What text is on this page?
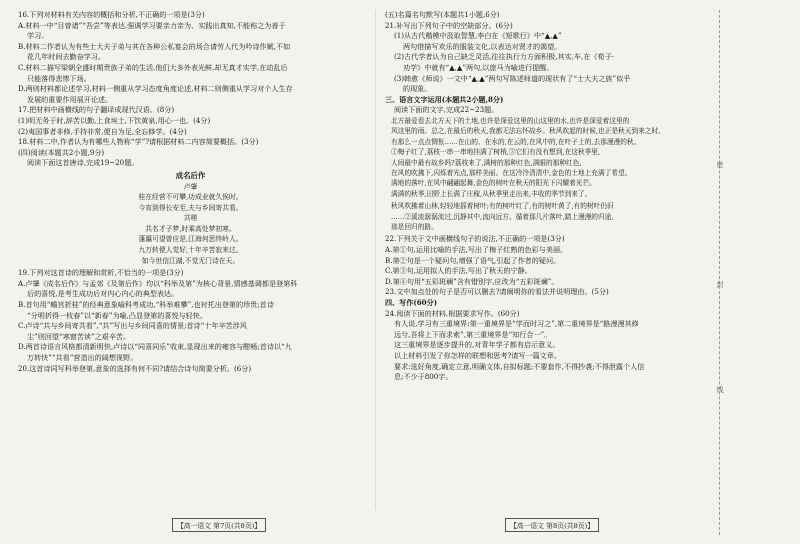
16.下列对材料有关内容的概括和分析,不正确的一项是(3分)

A.材料一中“目曾诸”“吾尝”等表达,强调学习要亲力亲为、实践出真知,不能称之为善于

学习。

B.材料二作者认为有些士大夫子弟与其在各种公私宴会的场合请劳人代为吟诗作赋,不如

花几年时间去勤奋学习。

C.材料二描写梁朝全盛时期贵族子弟的生活,他们大多外表光鲜,却无真才实学,在动乱后

只能落得悲惨下场。

D.两则材料都论述学习,材料一侧重从学习态度角度论述,材料二则侧重从学习对个人生存

发展的重要作用展开论述。

17.把材料中画横线的句子翻译成现代汉语。(8分)

(1)明无务于时,辞苦以勤,上食埃土,下饮黄泉,用心一也。(4分)

(2)夷国事者非修,手持非常,便自为足,全忘修学。(4分)

18.材料二中,作者认为有哪些人物称“学”?请根据材料二内容简要概括。(3分)

(四)阅读(本题共2小题,9分)

阅读下面这首唐诗,完成19~20题。

成名后作

卢肇

桂在经营不可攀,功成业就久俟时。

今宵到得长安至,夫与乡间寄共看。

共嗟

共名才子梦,时乘高处梦初寒。

蓬瀛可望曾应是,江海何思终岭人。

九万转便人觉好,十年辛苦寂来过。

如今世信江湖,不觉无门诗在天。

19.下列对这首诗的理解和赏析,不恰当的一项是(3分)

A.卢肇《成名后作》与孟郊《及第后作》均以“科举及第”为核心背景,情感基调都是登第科

后的喜悦,是考生成功后对内心内心的典型表达。

B.首句用“蟾宫折桂”的经典意象喻科考成功,“科举难攀”,也衬托出登第的珍贵;首诗

“分明折得一枝春”以“新春”为喻,凸显登第的喜悦与轻快。

C.卢诗“共与乡间寄共看”,“共”写出与乡间同喜的情景;首诗“十年辛苦涉风

尘”则回望“寒窗苦读”之艰辛苦。

D.两首诗语言风格都清新明快,卢诗以“同喜同乐”收束,显现出来的雍容与酣畅;首诗以“九

万转快”“共看”营造出的阔想视野。

20.这首诗同写科举登第,意象的选择有何不同?请结合诗句简要分析。(6分)

(五)名篇名句默写(本题共1小题,6分)

21.补写出下列句子中的空缺部分。(6分)

(1)从古代楷模中汲取智慧,李白在《短歌行》中“▲,▲”

两句借描写欢乐的服装文化,以表达对贤才的渴望。

(2)古代学者认为自己缺乏灵活,往往执行力方面积极,其实,车,在《荀子·

劝学》中就有“▲,▲”两句,以旅马为喻进行提醒。

(3)韩愈《师说》一文中“▲,▲”两句写陈述师道的现状有了“士大夫之族”似乎

的现象。

三、语言文字运用(本题共2小题,8分)

阅读下面的文字,完成22~23题。

北方最爱看去北方天下的土地,也许是深爱这里的山这里的水,也许是深爱着这里的

风这里的雨。总之,在最后的秋天,我都无法忘怀故乡。秋风吹起的时候,也正是秋天到来之时。

有那么一点点惆怅……在山的、在水的,在云的,在风中的,在叶子上的,去那漫漫的秋。

①梅子红了,荔枝一串一串地挂满了树梢,③它们有没有想到,在这秋季里,

人间最中最有故乡吗?荔枝来了,满树的那种红色,满眼的那种红色,

在风的吹拂下,闪烁着光点,那样美丽。在这冷冷清清中,金色的土地上充满了希望。

满地的落叶,在风中翩翩起舞,金色的树叶在秋天的阳光下闪耀着光芒。

满满的秋季,田野上长满了庄稼,从秋季里走出来,丰收的季节到来了。

秋风吹拂着山林,轻轻地摇着树叶;有的树叶红了,有的树叶黄了,有的树叶仍旧

……②溪流潺潺流过,沉静其中,流向远方。循着那几片落叶,踏上漫漫的归途,

那是回归的路。

22.下列关于文中画横线句子的说法,不正确的一项是(3分)

A.第①句,运用比喻的手法,写出了梅子红熟的色彩与美丽。

B.第②句是一个疑问句,增强了语气,引起了作者的疑问。

C.第③句,运用拟人的手法,写出了秋天的宁静。

D.第④句用“五彩斑斓”含有错别字,应改为“五彩斑斓”。

23.文中加点处的句子是否可以删去?请阐明你的看法并说明理由。(5分)

四、写作(60分)

24.阅读下面的材料,根据要求写作。(60分)

有人说,学习有三重境界:第一重境界是“学而时习之”,第二重境界是“路漫漫其修

远兮,吾将上下而求索”,第三重境界是“知行合一”。

这三重境界是逐步提升的,对青年学子都有启示意义。

以上材料引发了你怎样的联想和思考?请写一篇文章。

要求:选好角度,确定立意,明确文体,自拟标题;不要套作,不得抄袭;不得泄露个人信

息;不少于800字。

密
封
线
【高一语文 第7页(共8页)】	【高一语文 第8页(共8页)】
